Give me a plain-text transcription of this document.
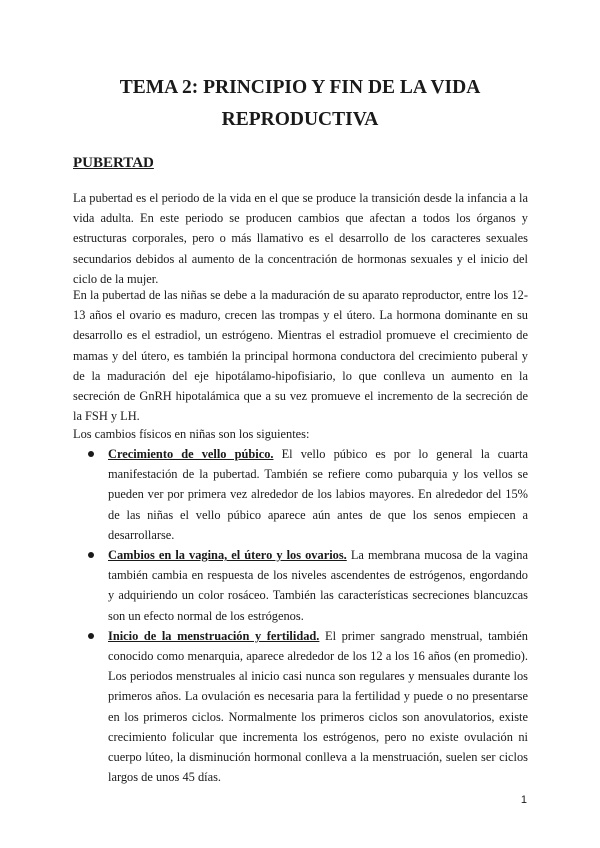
TEMA 2: PRINCIPIO Y FIN DE LA VIDA
REPRODUCTIVA
PUBERTAD

La pubertad es el periodo de la vida en el que se produce la transición desde la infancia a la vida adulta. En este periodo se producen cambios que afectan a todos los órganos y estructuras corporales, pero o más llamativo es el desarrollo de los caracteres sexuales secundarios debidos al aumento de la concentración de hormonas sexuales y el inicio del ciclo de la mujer.

En la pubertad de las niñas se debe a la maduración de su aparato reproductor, entre los 12-13 años el ovario es maduro, crecen las trompas y el útero. La hormona dominante en su desarrollo es el estradiol, un estrógeno. Mientras el estradiol promueve el crecimiento de mamas y del útero, es también la principal hormona conductora del crecimiento puberal y de la maduración del eje hipotálamo-hipofisiario, lo que conlleva un aumento en la secreción de GnRH hipotalámica que a su vez promueve el incremento de la secreción de la FSH y LH.

Los cambios físicos en niñas son los siguientes:

Crecimiento de vello púbico. El vello púbico es por lo general la cuarta manifestación de la pubertad. También se refiere como pubarquia y los vellos se pueden ver por primera vez alrededor de los labios mayores. En alrededor del 15% de las niñas el vello púbico aparece aún antes de que los senos empiecen a desarrollarse.
Cambios en la vagina, el útero y los ovarios. La membrana mucosa de la vagina también cambia en respuesta de los niveles ascendentes de estrógenos, engordando y adquiriendo un color rosáceo. También las características secreciones blancuzcas son un efecto normal de los estrógenos.
Inicio de la menstruación y fertilidad. El primer sangrado menstrual, también conocido como menarquia, aparece alrededor de los 12 a los 16 años (en promedio). Los periodos menstruales al inicio casi nunca son regulares y mensuales durante los primeros años. La ovulación es necesaria para la fertilidad y puede o no presentarse en los primeros ciclos. Normalmente los primeros ciclos son anovulatorios, existe crecimiento folicular que incrementa los estrógenos, pero no existe ovulación ni cuerpo lúteo, la disminución hormonal conlleva a la menstruación, suelen ser ciclos largos de unos 45 días.
1
